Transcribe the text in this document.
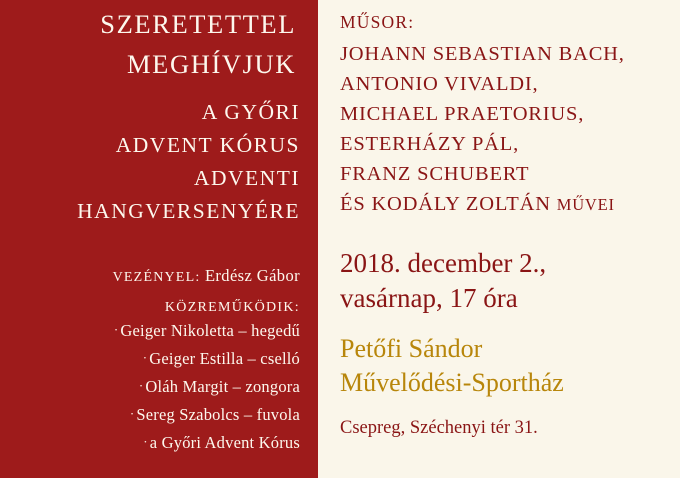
SZERETETTEL
MEGHÍVJUK
A GYŐRI
ADVENT KÓRUS
ADVENTI
HANGVERSENYÉRE
VEZÉNYEL: Erdész Gábor
KÖZREMŰKÖDIK:
· Geiger Nikoletta – hegedű
· Geiger Estilla – cselló
· Oláh Margit – zongora
· Sereg Szabolcs – fuvola
· a Győri Advent Kórus
MŰSOR:
JOHANN SEBASTIAN BACH,
ANTONIO VIVALDI,
MICHAEL PRAETORIUS,
ESTERHÁZY PÁL,
FRANZ SCHUBERT
ÉS KODÁLY ZOLTÁN MŰVEI
2018. december 2.,
vasárnap, 17 óra
Petőfi Sándor
Művelődési-Sportház
Csepreg, Széchenyi tér 31.
